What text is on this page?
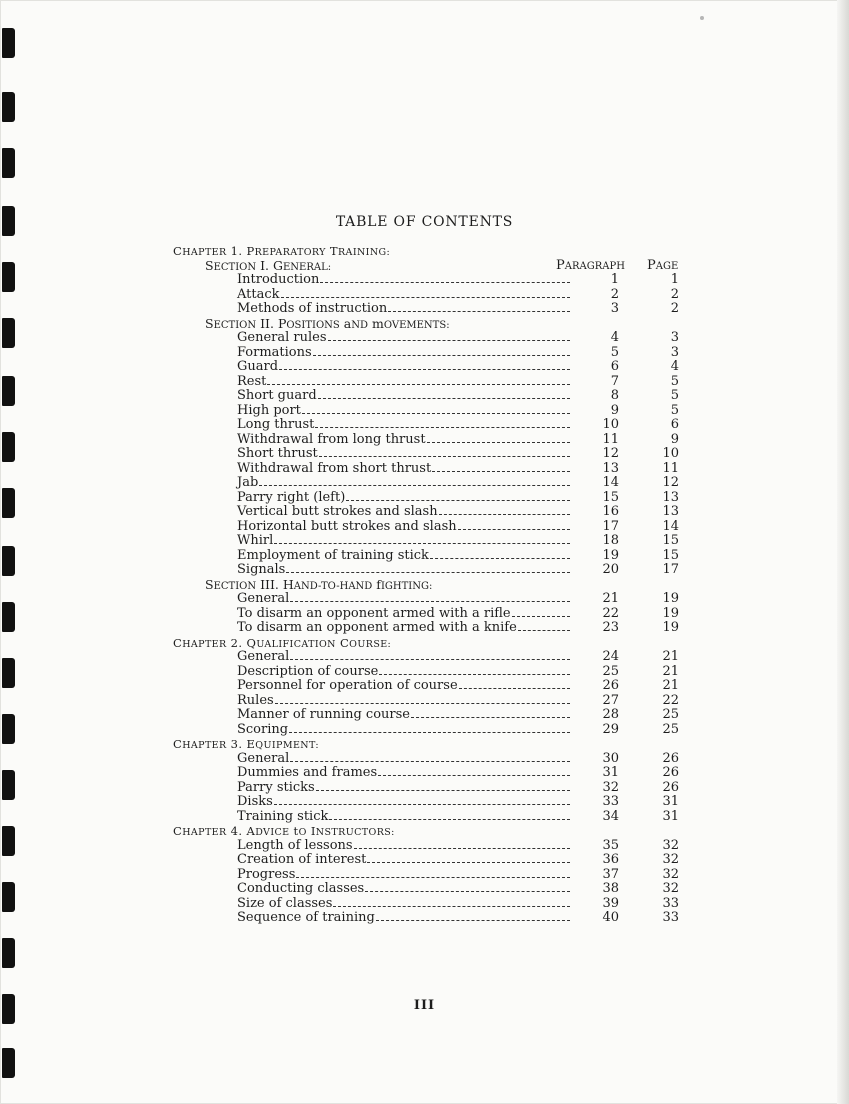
TABLE OF CONTENTS
CHAPTER 1. PREPARATORY TRAINING:
SECTION I. GENERAL:	PARAGRAPH PAGE
Introduction	1	1
Attack	2	2
Methods of instruction	3	2
SECTION II. POSITIONS aND mOVEMENTS:
General rules	4	3
Formations	5	3
Guard	6	4
Rest	7	5
Short guard	8	5
High port	9	5
Long thrust	10	6
Withdrawal from long thrust	11	9
Short thrust	12	10
Withdrawal from short thrust	13	11
Jab	14	12
Parry right (left)	15	13
Vertical butt strokes and slash	16	13
Horizontal butt strokes and slash	17	14
Whirl	18	15
Employment of training stick	19	15
Signals	20	17
SECTION III. HAND-TO-HAND fIGHTING:
General	21	19
To disarm an opponent armed with a rifle	22	19
To disarm an opponent armed with a knife	23	19
CHAPTER 2. QUALIFICATION COURSE:
General	24	21
Description of course	25	21
Personnel for operation of course	26	21
Rules	27	22
Manner of running course	28	25
Scoring	29	25
CHAPTER 3. EQUIPMENT:
General	30	26
Dummies and frames	31	26
Parry sticks	32	26
Disks	33	31
Training stick	34	31
CHAPTER 4. ADVICE tO INSTRUCTORS:
Length of lessons	35	32
Creation of interest	36	32
Progress	37	32
Conducting classes	38	32
Size of classes	39	33
Sequence of training	40	33
III
